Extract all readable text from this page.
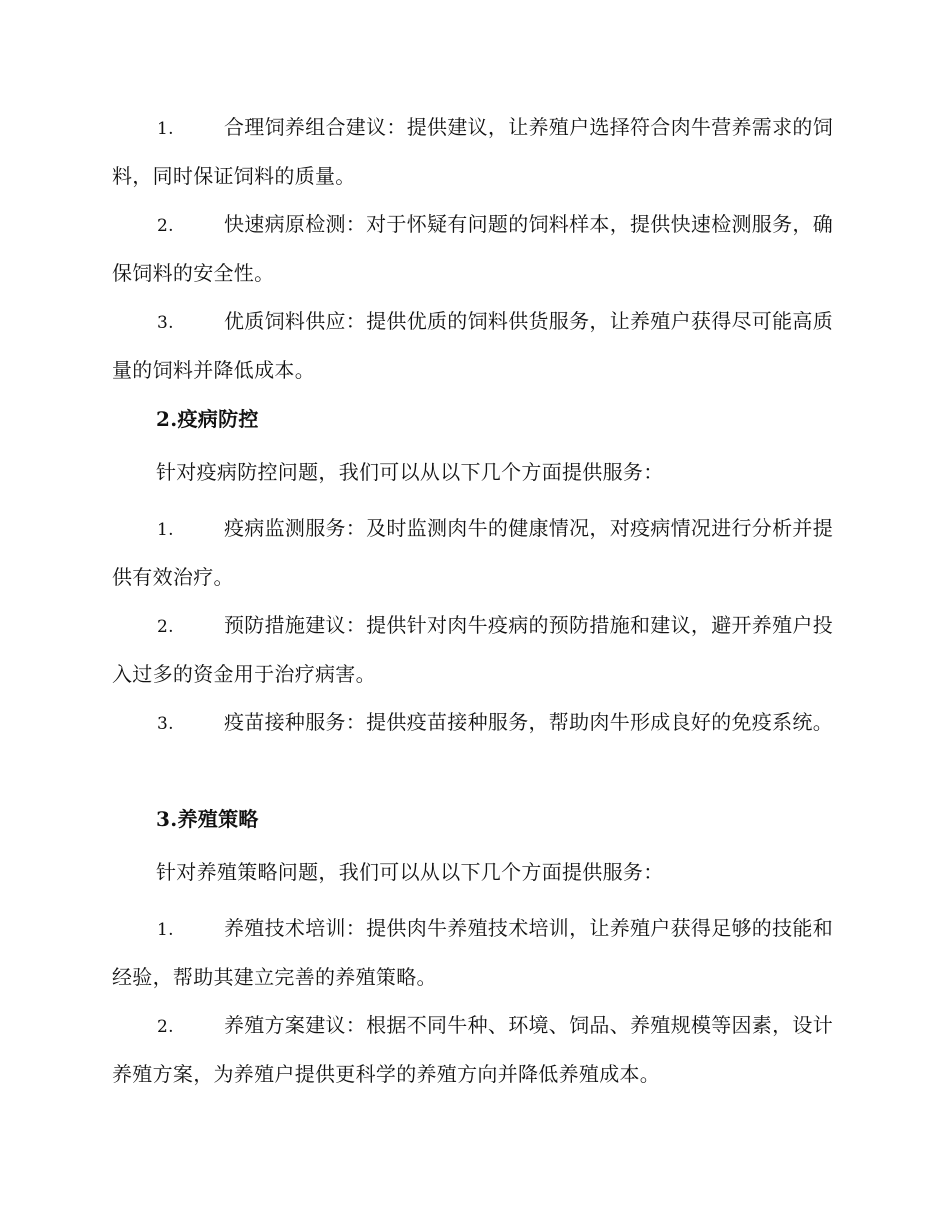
1.	合理饲养组合建议：提供建议，让养殖户选择符合肉牛营养需求的饲料，同时保证饲料的质量。
2.	快速病原检测：对于怀疑有问题的饲料样本，提供快速检测服务，确保饲料的安全性。
3.	优质饲料供应：提供优质的饲料供货服务，让养殖户获得尽可能高质量的饲料并降低成本。
2.疫病防控
针对疫病防控问题，我们可以从以下几个方面提供服务：
1.	疫病监测服务：及时监测肉牛的健康情况，对疫病情况进行分析并提供有效治疗。
2.	预防措施建议：提供针对肉牛疫病的预防措施和建议，避开养殖户投入过多的资金用于治疗病害。
3.	疫苗接种服务：提供疫苗接种服务，帮助肉牛形成良好的免疫系统。
3.养殖策略
针对养殖策略问题，我们可以从以下几个方面提供服务：
1.	养殖技术培训：提供肉牛养殖技术培训，让养殖户获得足够的技能和经验，帮助其建立完善的养殖策略。
2.	养殖方案建议：根据不同牛种、环境、饲品、养殖规模等因素，设计养殖方案，为养殖户提供更科学的养殖方向并降低养殖成本。
